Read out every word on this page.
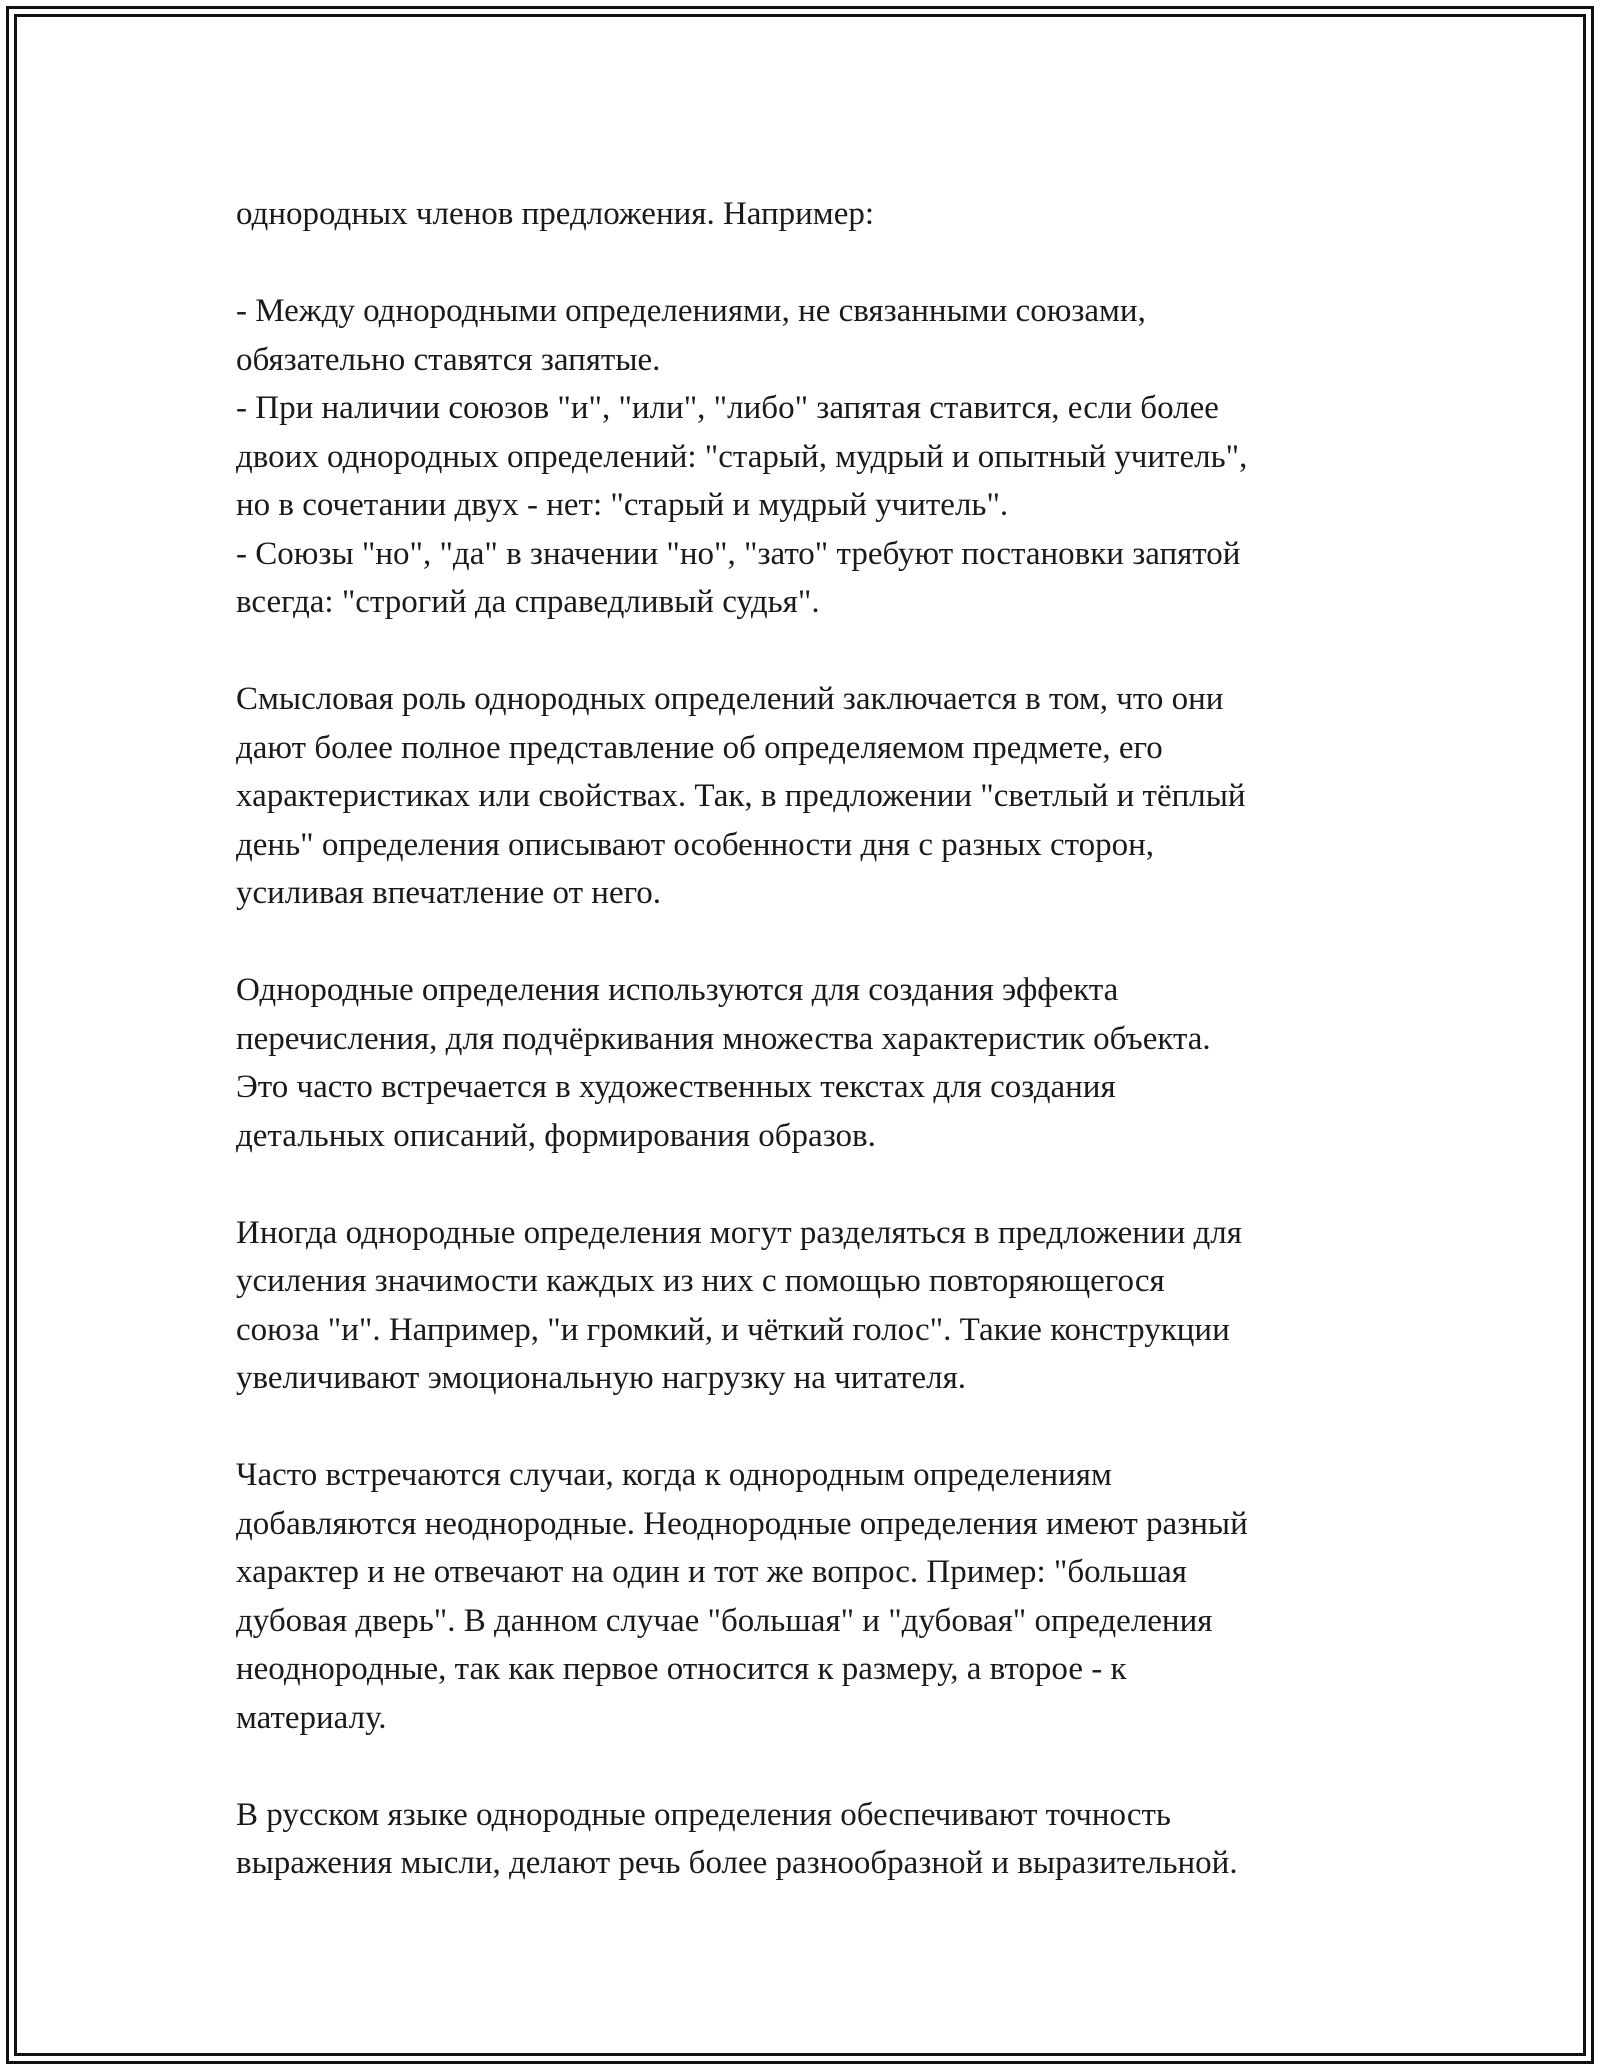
однородных членов предложения. Например:
- Между однородными определениями, не связанными союзами,
обязательно ставятся запятые.
- При наличии союзов "и", "или", "либо" запятая ставится, если более
двоих однородных определений: "старый, мудрый и опытный учитель",
но в сочетании двух - нет: "старый и мудрый учитель".
- Союзы "но", "да" в значении "но", "зато" требуют постановки запятой
всегда: "строгий да справедливый судья".
Смысловая роль однородных определений заключается в том, что они
дают более полное представление об определяемом предмете, его
характеристиках или свойствах. Так, в предложении "светлый и тёплый
день" определения описывают особенности дня с разных сторон,
усиливая впечатление от него.
Однородные определения используются для создания эффекта
перечисления, для подчёркивания множества характеристик объекта.
Это часто встречается в художественных текстах для создания
детальных описаний, формирования образов.
Иногда однородные определения могут разделяться в предложении для
усиления значимости каждых из них с помощью повторяющегося
союза "и". Например, "и громкий, и чёткий голос". Такие конструкции
увеличивают эмоциональную нагрузку на читателя.
Часто встречаются случаи, когда к однородным определениям
добавляются неоднородные. Неоднородные определения имеют разный
характер и не отвечают на один и тот же вопрос. Пример: "большая
дубовая дверь". В данном случае "большая" и "дубовая" определения
неоднородные, так как первое относится к размеру, а второе - к
материалу.
В русском языке однородные определения обеспечивают точность
выражения мысли, делают речь более разнообразной и выразительной.
